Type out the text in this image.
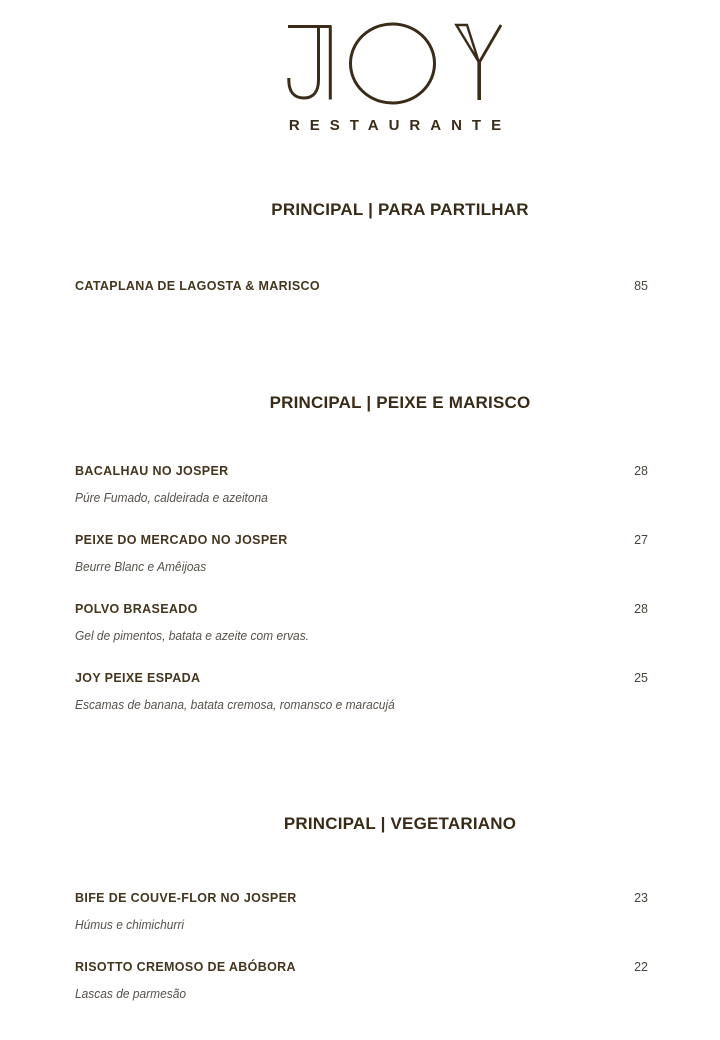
RESTAURANTE
PRINCIPAL | PARA PARTILHAR
CATAPLANA DE LAGOSTA & MARISCO	85
PRINCIPAL | PEIXE E MARISCO
BACALHAU NO JOSPER	28
Púre Fumado, caldeirada e azeitona
PEIXE DO MERCADO NO JOSPER	27
Beurre Blanc e Amêijoas
POLVO BRASEADO	28
Gel de pimentos, batata e azeite com ervas.
JOY PEIXE ESPADA	25
Escamas de banana, batata cremosa, romansco e maracujá
PRINCIPAL | VEGETARIANO
BIFE DE COUVE-FLOR NO JOSPER	23
Húmus e chimichurri
RISOTTO CREMOSO DE ABÓBORA	22
Lascas de parmesão
